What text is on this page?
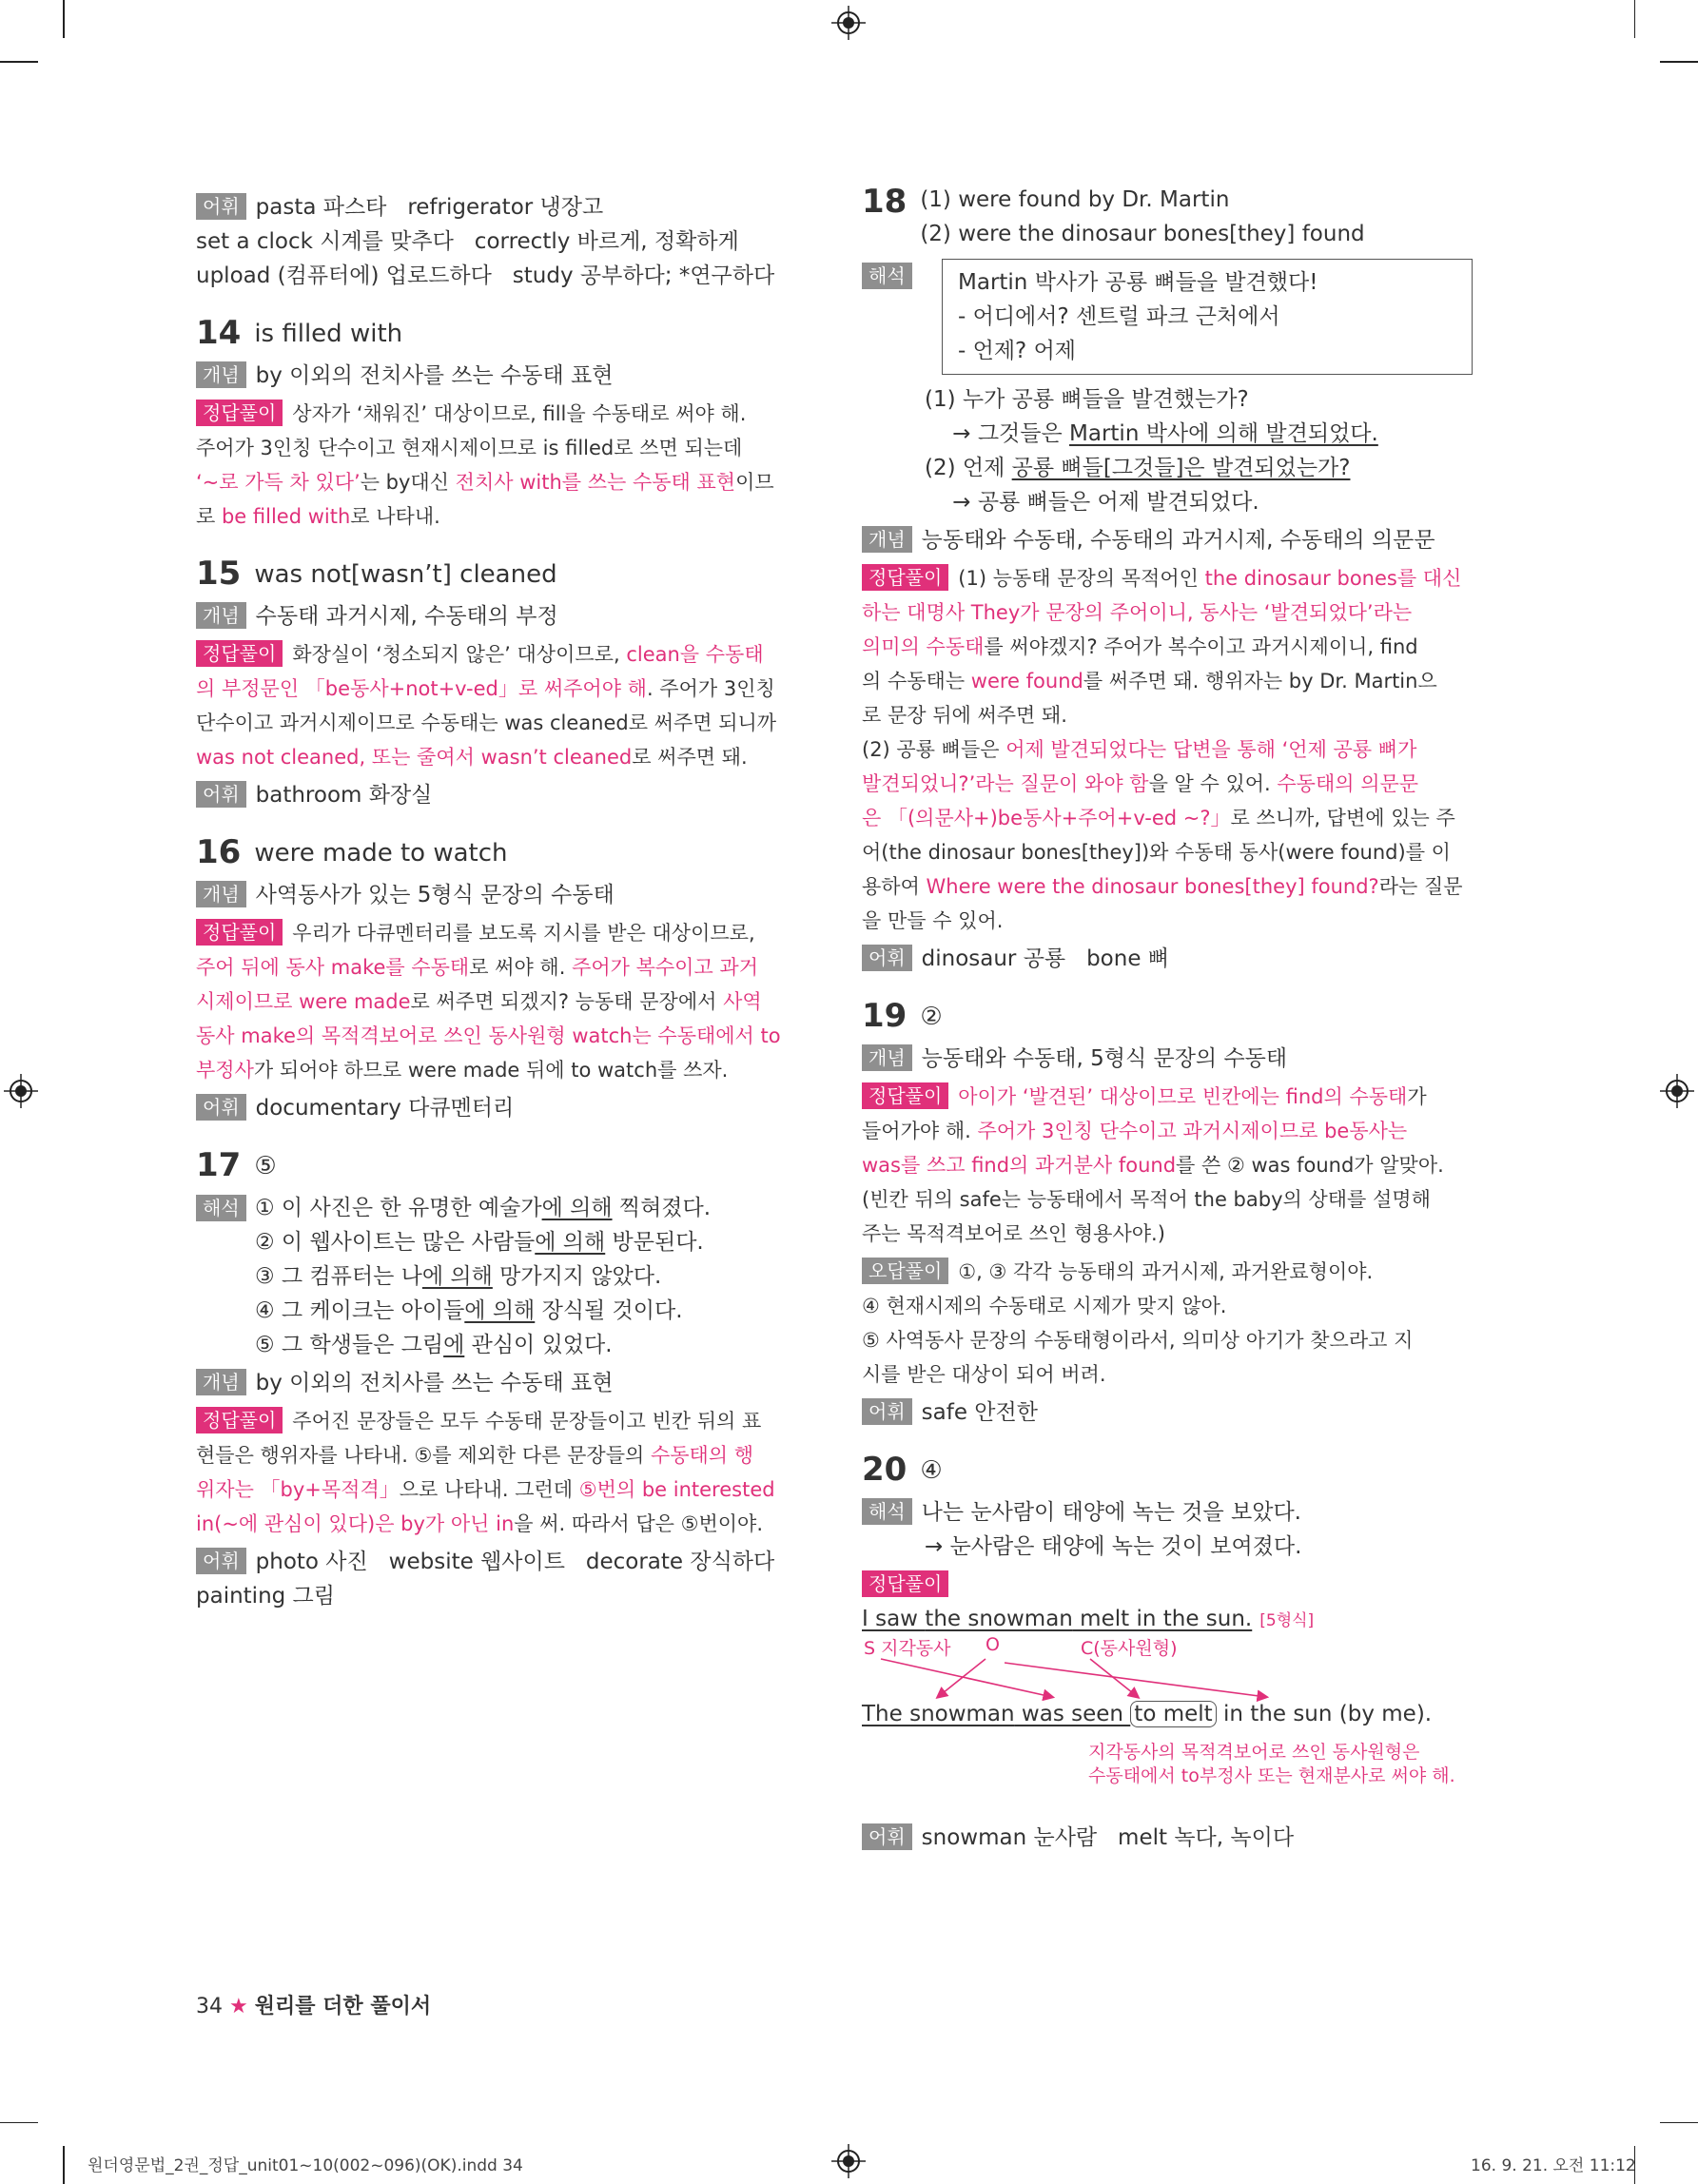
어휘 pasta 파스타   refrigerator 냉장고

set a clock 시계를 맞추다   correctly 바르게, 정확하게

upload (컴퓨터에) 업로드하다   study 공부하다; *연구하다

14 is filled with

개념 by 이외의 전치사를 쓰는 수동태 표현

정답풀이 상자가 ‘채워진’ 대상이므로, fill을 수동태로 써야 해.

주어가 3인칭 단수이고 현재시제이므로 is filled로 쓰면 되는데

‘~로 가득 차 있다’는 by대신 전치사 with를 쓰는 수동태 표현이므

로 be filled with로 나타내.

15 was not[wasn’t] cleaned

개념 수동태 과거시제, 수동태의 부정

정답풀이 화장실이 ‘청소되지 않은’ 대상이므로, clean을 수동태

의 부정문인 「be동사+not+v-ed」로 써주어야 해. 주어가 3인칭

단수이고 과거시제이므로 수동태는 was cleaned로 써주면 되니까

was not cleaned, 또는 줄여서 wasn’t cleaned로 써주면 돼.

어휘 bathroom 화장실

16 were made to watch

개념 사역동사가 있는 5형식 문장의 수동태

정답풀이 우리가 다큐멘터리를 보도록 지시를 받은 대상이므로,

주어 뒤에 동사 make를 수동태로 써야 해. 주어가 복수이고 과거

시제이므로 were made로 써주면 되겠지? 능동태 문장에서 사역

동사 make의 목적격보어로 쓰인 동사원형 watch는 수동태에서 to

부정사가 되어야 하므로 were made 뒤에 to watch를 쓰자.

어휘 documentary 다큐멘터리

17 ⑤
해석 ① 이 사진은 한 유명한 예술가에 의해 찍혀졌다.

② 이 웹사이트는 많은 사람들에 의해 방문된다.

③ 그 컴퓨터는 나에 의해 망가지지 않았다.

④ 그 케이크는 아이들에 의해 장식될 것이다.

⑤ 그 학생들은 그림에 관심이 있었다.

개념 by 이외의 전치사를 쓰는 수동태 표현

정답풀이 주어진 문장들은 모두 수동태 문장들이고 빈칸 뒤의 표

현들은 행위자를 나타내. ⑤를 제외한 다른 문장들의 수동태의 행

위자는 「by+목적격」으로 나타내. 그런데 ⑤번의 be interested

in(~에 관심이 있다)은 by가 아닌 in을 써. 따라서 답은 ⑤번이야.

어휘 photo 사진   website 웹사이트   decorate 장식하다

painting 그림

18 (1) were found by Dr. Martin

(2) were the dinosaur bones[they] found

해석	Martin 박사가 공룡 뼈들을 발견했다!

- 어디에서? 센트럴 파크 근처에서

- 언제? 어제

(1) 누가 공룡 뼈들을 발견했는가?

→ 그것들은 Martin 박사에 의해 발견되었다.

(2) 언제 공룡 뼈들[그것들]은 발견되었는가?

→ 공룡 뼈들은 어제 발견되었다.

개념 능동태와 수동태, 수동태의 과거시제, 수동태의 의문문

정답풀이 (1) 능동태 문장의 목적어인 the dinosaur bones를 대신

하는 대명사 They가 문장의 주어이니, 동사는 ‘발견되었다’라는

의미의 수동태를 써야겠지? 주어가 복수이고 과거시제이니, find

의 수동태는 were found를 써주면 돼. 행위자는 by Dr. Martin으

로 문장 뒤에 써주면 돼.

(2) 공룡 뼈들은 어제 발견되었다는 답변을 통해 ‘언제 공룡 뼈가

발견되었니?’라는 질문이 와야 함을 알 수 있어. 수동태의 의문문

은 「(의문사+)be동사+주어+v-ed ~?」로 쓰니까, 답변에 있는 주

어(the dinosaur bones[they])와 수동태 동사(were found)를 이

용하여 Where were the dinosaur bones[they] found?라는 질문

을 만들 수 있어.

어휘 dinosaur 공룡   bone 뼈

19 ②

개념 능동태와 수동태, 5형식 문장의 수동태

정답풀이 아이가 ‘발견된’ 대상이므로 빈칸에는 find의 수동태가

들어가야 해. 주어가 3인칭 단수이고 과거시제이므로 be동사는

was를 쓰고 find의 과거분사 found를 쓴 ② was found가 알맞아.

(빈칸 뒤의 safe는 능동태에서 목적어 the baby의 상태를 설명해

주는 목적격보어로 쓰인 형용사야.)

오답풀이 ①, ③ 각각 능동태의 과거시제, 과거완료형이야.

④ 현재시제의 수동태로 시제가 맞지 않아.

⑤ 사역동사 문장의 수동태형이라서, 의미상 아기가 찾으라고 지

시를 받은 대상이 되어 버려.

어휘 safe 안전한

20 ④

해석 나는 눈사람이 태양에 녹는 것을 보았다.

→ 눈사람은 태양에 녹는 것이 보여졌다.

정답풀이

I saw the snowman melt in the sun. [5형식]
S 지각동사 O	C(동사원형)
The snowman was seen to melt in the sun (by me).

지각동사의 목적격보어로 쓰인 동사원형은

수동태에서 to부정사 또는 현재분사로 써야 해.

어휘 snowman 눈사람   melt 녹다, 녹이다

34 ★ 원리를 더한 풀이서
원더영문법_2권_정답_unit01~10(002~096)(OK).indd 34	16. 9. 21. 오전 11:12
